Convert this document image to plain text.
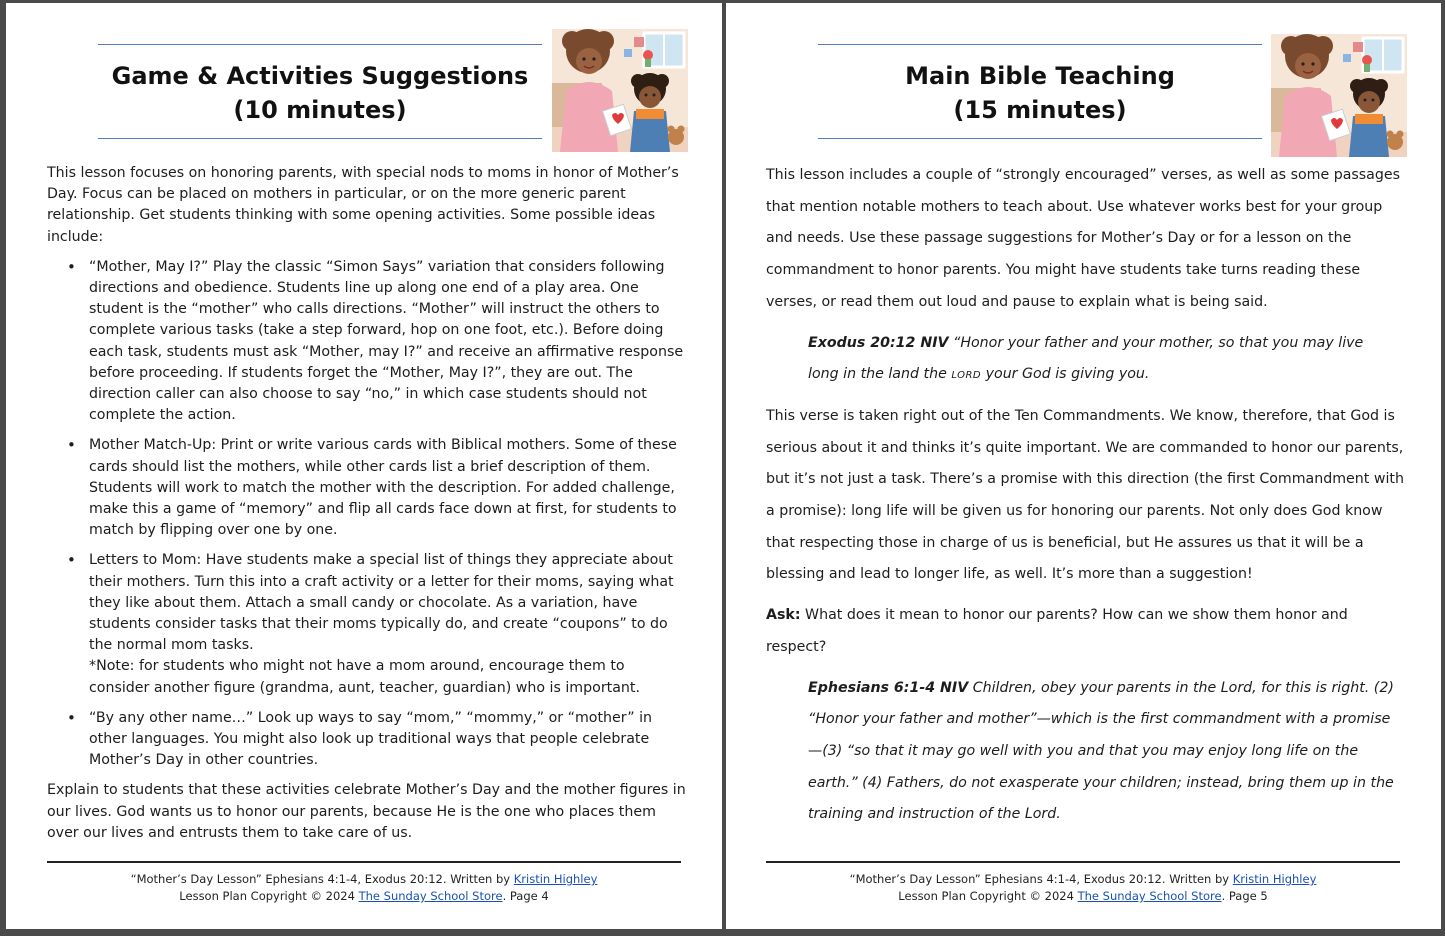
Game & Activities Suggestions
(10 minutes)

This lesson focuses on honoring parents, with special nods to moms in honor of Mother’s Day. Focus can be placed on mothers in particular, or on the more generic parent relationship. Get students thinking with some opening activities. Some possible ideas include:

• “Mother, May I?” Play the classic “Simon Says” variation that considers following directions and obedience. Students line up along one end of a play area. One student is the “mother” who calls directions. “Mother” will instruct the others to complete various tasks (take a step forward, hop on one foot, etc.). Before doing each task, students must ask “Mother, may I?” and receive an affirmative response before proceeding. If students forget the “Mother, May I?”, they are out. The direction caller can also choose to say “no,” in which case students should not complete the action.
• Mother Match-Up: Print or write various cards with Biblical mothers. Some of these cards should list the mothers, while other cards list a brief description of them. Students will work to match the mother with the description. For added challenge, make this a game of “memory” and flip all cards face down at first, for students to match by flipping over one by one.
• Letters to Mom: Have students make a special list of things they appreciate about their mothers. Turn this into a craft activity or a letter for their moms, saying what they like about them. Attach a small candy or chocolate. As a variation, have students consider tasks that their moms typically do, and create “coupons” to do the normal mom tasks.
*Note: for students who might not have a mom around, encourage them to consider another figure (grandma, aunt, teacher, guardian) who is important.
• “By any other name…” Look up ways to say “mom,” “mommy,” or “mother” in other languages. You might also look up traditional ways that people celebrate Mother’s Day in other countries.

Explain to students that these activities celebrate Mother’s Day and the mother figures in our lives. God wants us to honor our parents, because He is the one who places them over our lives and entrusts them to take care of us.

“Mother’s Day Lesson” Ephesians 4:1-4, Exodus 20:12. Written by Kristin Highley
Lesson Plan Copyright © 2024 The Sunday School Store. Page 4
Main Bible Teaching
(15 minutes)

This lesson includes a couple of “strongly encouraged” verses, as well as some passages that mention notable mothers to teach about. Use whatever works best for your group and needs. Use these passage suggestions for Mother’s Day or for a lesson on the commandment to honor parents. You might have students take turns reading these verses, or read them out loud and pause to explain what is being said.

Exodus 20:12 NIV “Honor your father and your mother, so that you may live long in the land the LORD your God is giving you.

This verse is taken right out of the Ten Commandments. We know, therefore, that God is serious about it and thinks it’s quite important. We are commanded to honor our parents, but it’s not just a task. There’s a promise with this direction (the first Commandment with a promise): long life will be given us for honoring our parents. Not only does God know that respecting those in charge of us is beneficial, but He assures us that it will be a blessing and lead to longer life, as well. It’s more than a suggestion!

Ask: What does it mean to honor our parents? How can we show them honor and respect?

Ephesians 6:1-4 NIV Children, obey your parents in the Lord, for this is right. (2) “Honor your father and mother”—which is the first commandment with a promise—(3) “so that it may go well with you and that you may enjoy long life on the earth.” (4) Fathers, do not exasperate your children; instead, bring them up in the training and instruction of the Lord.

“Mother’s Day Lesson” Ephesians 4:1-4, Exodus 20:12. Written by Kristin Highley
Lesson Plan Copyright © 2024 The Sunday School Store. Page 5
